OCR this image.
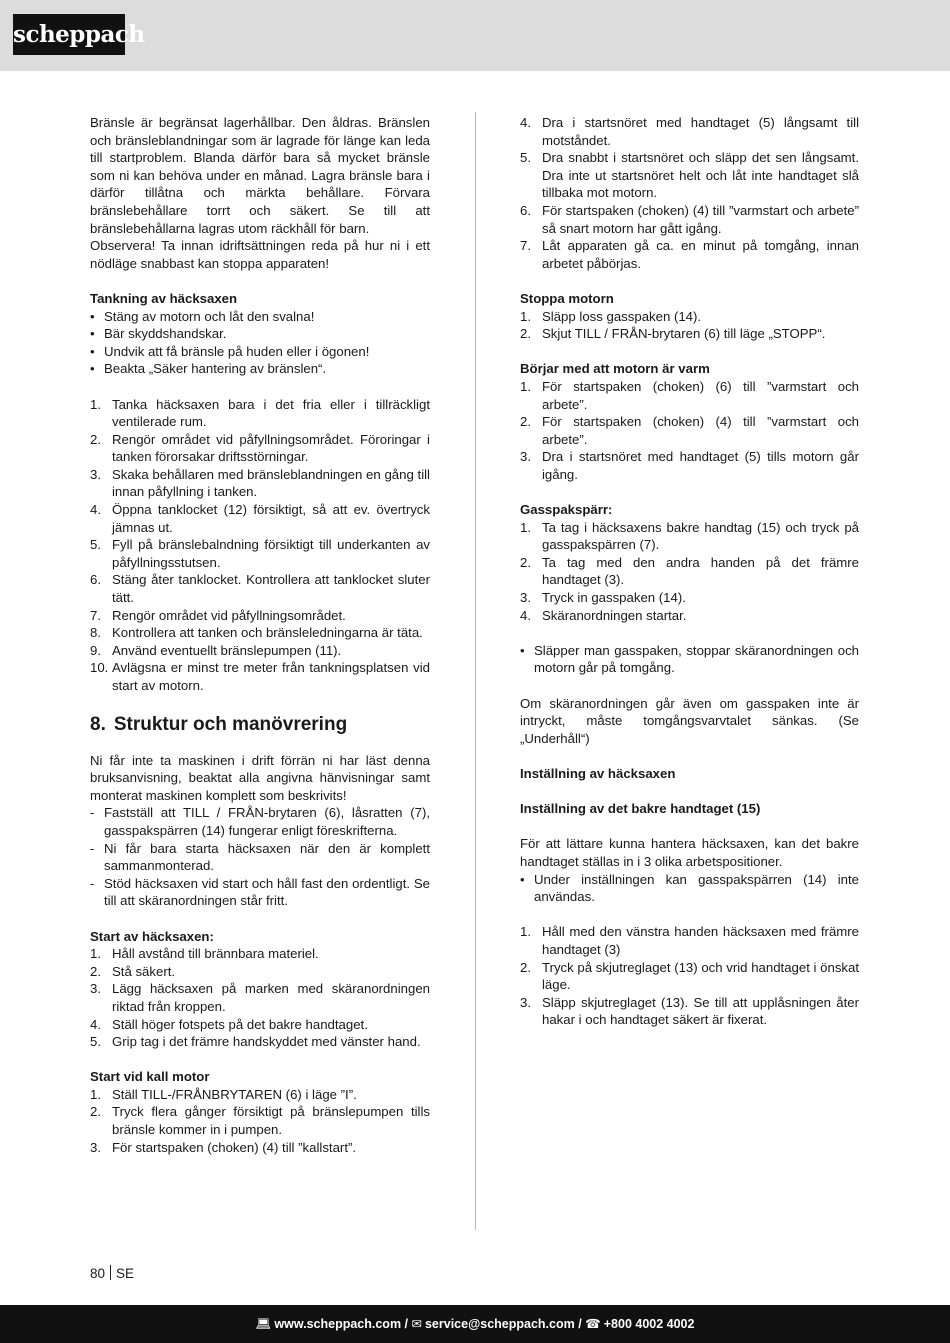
scheppach

Bränsle är begränsat lagerhållbar. Den åldras. Bränslen och bränsleblandningar som är lagrade för länge kan leda till startproblem. Blanda därför bara så mycket bränsle som ni kan behöva under en månad. Lagra bränsle bara i därför tillåtna och märkta behållare. Förvara bränslebehållare torrt och säkert. Se till att bränslebehållarna lagras utom räckhåll för barn.

Observera! Ta innan idriftsättningen reda på hur ni i ett nödläge snabbast kan stoppa apparaten!

Tankning av häcksaxen

• Stäng av motorn och låt den svalna!

• Bär skyddshandskar.

• Undvik att få bränsle på huden eller i ögonen!

• Beakta „Säker hantering av bränslen“.

1. Tanka häcksaxen bara i det fria eller i tillräckligt ventilerade rum.

2. Rengör området vid påfyllningsområdet. Föroringar i tanken förorsakar driftsstörningar.

3. Skaka behållaren med bränsleblandningen en gång till innan påfyllning i tanken.

4. Öppna tanklocket (12) försiktigt, så att ev. övertryck jämnas ut.

5. Fyll på bränslebalndning försiktigt till underkanten av påfyllningsstutsen.

6. Stäng åter tanklocket. Kontrollera att tanklocket sluter tätt.

7. Rengör området vid påfyllningsområdet.

8. Kontrollera att tanken och bränsleledningarna är täta.

9. Använd eventuellt bränslepumpen (11).

10. Avlägsna er minst tre meter från tankningsplatsen vid start av motorn.

8. Struktur och manövrering

Ni får inte ta maskinen i drift förrän ni har läst denna bruksanvisning, beaktat alla angivna hänvisningar samt monterat maskinen komplett som beskrivits!

- Fastställ att TILL / FRÅN-brytaren (6), låsratten (7), gasspakspärren (14) fungerar enligt föreskrifterna.

- Ni får bara starta häcksaxen när den är komplett sammanmonterad.

- Stöd häcksaxen vid start och håll fast den ordentligt. Se till att skäranordningen står fritt.

Start av häcksaxen:

1. Håll avstånd till brännbara materiel.

2. Stå säkert.

3. Lägg häcksaxen på marken med skäranordningen riktad från kroppen.

4. Ställ höger fotspets på det bakre handtaget.

5. Grip tag i det främre handskyddet med vänster hand.

Start vid kall motor

1. Ställ TILL-/FRÅNBRYTAREN (6) i läge ”I”.

2. Tryck flera gånger försiktigt på bränslepumpen tills bränsle kommer in i pumpen.

3. För startspaken (choken) (4) till ”kallstart”.

4. Dra i startsnöret med handtaget (5) långsamt till motståndet.

5. Dra snabbt i startsnöret och släpp det sen långsamt. Dra inte ut startsnöret helt och låt inte handtaget slå tillbaka mot motorn.

6. För startspaken (choken) (4) till ”varmstart och arbete” så snart motorn har gått igång.

7. Låt apparaten gå ca. en minut på tomgång, innan arbetet påbörjas.

Stoppa motorn

1. Släpp loss gasspaken (14).

2. Skjut TILL / FRÅN-brytaren (6) till läge „STOPP“.

Börjar med att motorn är varm

1. För startspaken (choken) (6) till ”varmstart och arbete”.

2. För startspaken (choken) (4) till ”varmstart och arbete”.

3. Dra i startsnöret med handtaget (5) tills motorn går igång.

Gasspakspärr:

1. Ta tag i häcksaxens bakre handtag (15) och tryck på gasspakspärren (7).

2. Ta tag med den andra handen på det främre handtaget (3).

3. Tryck in gasspaken (14).

4. Skäranordningen startar.

• Släpper man gasspaken, stoppar skäranordningen och motorn går på tomgång.

Om skäranordningen går även om gasspaken inte är intryckt, måste tomgångsvarvtalet sänkas. (Se „Underhåll“)

Inställning av häcksaxen

Inställning av det bakre handtaget (15)

För att lättare kunna hantera häcksaxen, kan det bakre handtaget ställas in i 3 olika arbetspositioner.

• Under inställningen kan gasspakspärren (14) inte användas.

1. Håll med den vänstra handen häcksaxen med främre handtaget (3)

2. Tryck på skjutreglaget (13) och vrid handtaget i önskat läge.

3. Släpp skjutreglaget (13). Se till att upplåsningen åter hakar i och handtaget säkert är fixerat.

80 SE
💻︎ www.scheppach.com / ✉︎ service@scheppach.com / ☎︎ +800 4002 4002
